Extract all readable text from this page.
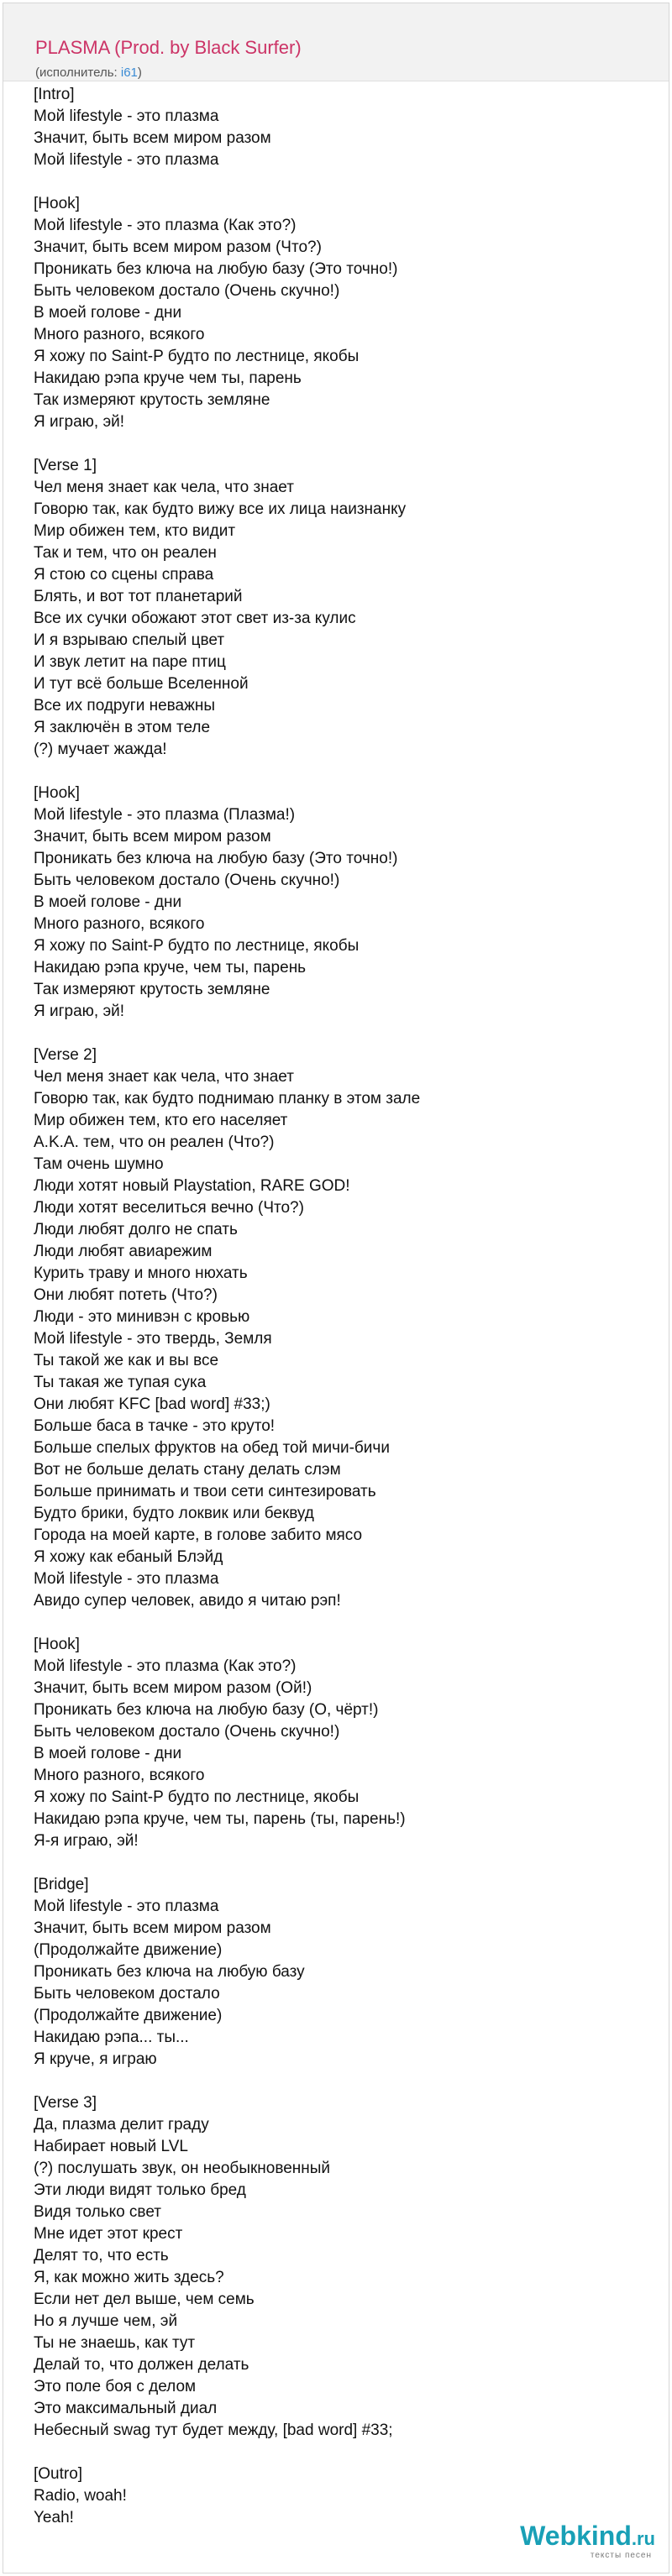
PLASMA (Prod. by Black Surfer)
(исполнитель: i61)
[Intro]
Мой lifestyle - это плазма
Значит, быть всем миром разом
Мой lifestyle - это плазма
[Hook]
Мой lifestyle - это плазма (Как это?)
Значит, быть всем миром разом (Что?)
Проникать без ключа на любую базу (Это точно!)
Быть человеком достало (Очень скучно!)
В моей голове - дни
Много разного, всякого
Я хожу по Saint-P будто по лестнице, якобы
Накидаю рэпа круче чем ты, парень
Так измеряют крутость земляне
Я играю, эй!
[Verse 1]
Чел меня знает как чела, что знает
Говорю так, как будто вижу все их лица наизнанку
Мир обижен тем, кто видит
Так и тем, что он реален
Я стою со сцены справа
Блять, и вот тот планетарий
Все их сучки обожают этот свет из-за кулис
И я взрываю спелый цвет
И звук летит на паре птиц
И тут всё больше Вселенной
Все их подруги неважны
Я заключён в этом теле
(?) мучает жажда!
[Hook]
Мой lifestyle - это плазма (Плазма!)
Значит, быть всем миром разом
Проникать без ключа на любую базу (Это точно!)
Быть человеком достало (Очень скучно!)
В моей голове - дни
Много разного, всякого
Я хожу по Saint-P будто по лестнице, якобы
Накидаю рэпа круче, чем ты, парень
Так измеряют крутость земляне
Я играю, эй!
[Verse 2]
Чел меня знает как чела, что знает
Говорю так, как будто поднимаю планку в этом зале
Мир обижен тем, кто его населяет
A.K.A. тем, что он реален (Что?)
Там очень шумно
Люди хотят новый Playstation, RARE GOD!
Люди хотят веселиться вечно (Что?)
Люди любят долго не спать
Люди любят авиарежим
Курить траву и много нюхать
Они любят потеть (Что?)
Люди - это минивэн с кровью
Мой lifestyle - это твердь, Земля
Ты такой же как и вы все
Ты такая же тупая сука
Они любят KFC [bad word] #33;)
Больше баса в тачке - это круто!
Больше спелых фруктов на обед той мичи-бичи
Вот не больше делать стану делать слэм
Больше принимать и твои сети синтезировать
Будто брики, будто локвик или беквуд
Города на моей карте, в голове забито мясо
Я хожу как ебаный Блэйд
Мой lifestyle - это плазма
Авидо супер человек, авидо я читаю рэп!
[Hook]
Мой lifestyle - это плазма (Как это?)
Значит, быть всем миром разом (Ой!)
Проникать без ключа на любую базу (О, чёрт!)
Быть человеком достало (Очень скучно!)
В моей голове - дни
Много разного, всякого
Я хожу по Saint-P будто по лестнице, якобы
Накидаю рэпа круче, чем ты, парень (ты, парень!)
Я-я играю, эй!
[Bridge]
Мой lifestyle - это плазма
Значит, быть всем миром разом
(Продолжайте движение)
Проникать без ключа на любую базу
Быть человеком достало
(Продолжайте движение)
Накидаю рэпа... ты...
Я круче, я играю
[Verse 3]
Да, плазма делит граду
Набирает новый LVL
(?) послушать звук, он необыкновенный
Эти люди видят только бред
Видя только свет
Мне идет этот крест
Делят то, что есть
Я, как можно жить здесь?
Если нет дел выше, чем семь
Но я лучше чем, эй
Ты не знаешь, как тут
Делай то, что должен делать
Это поле боя с делом
Это максимальный диал
Небесный swag тут будет между, [bad word] #33;
[Outro]
Radio, woah!
Yeah!
Webkind.ru
тексты песен
